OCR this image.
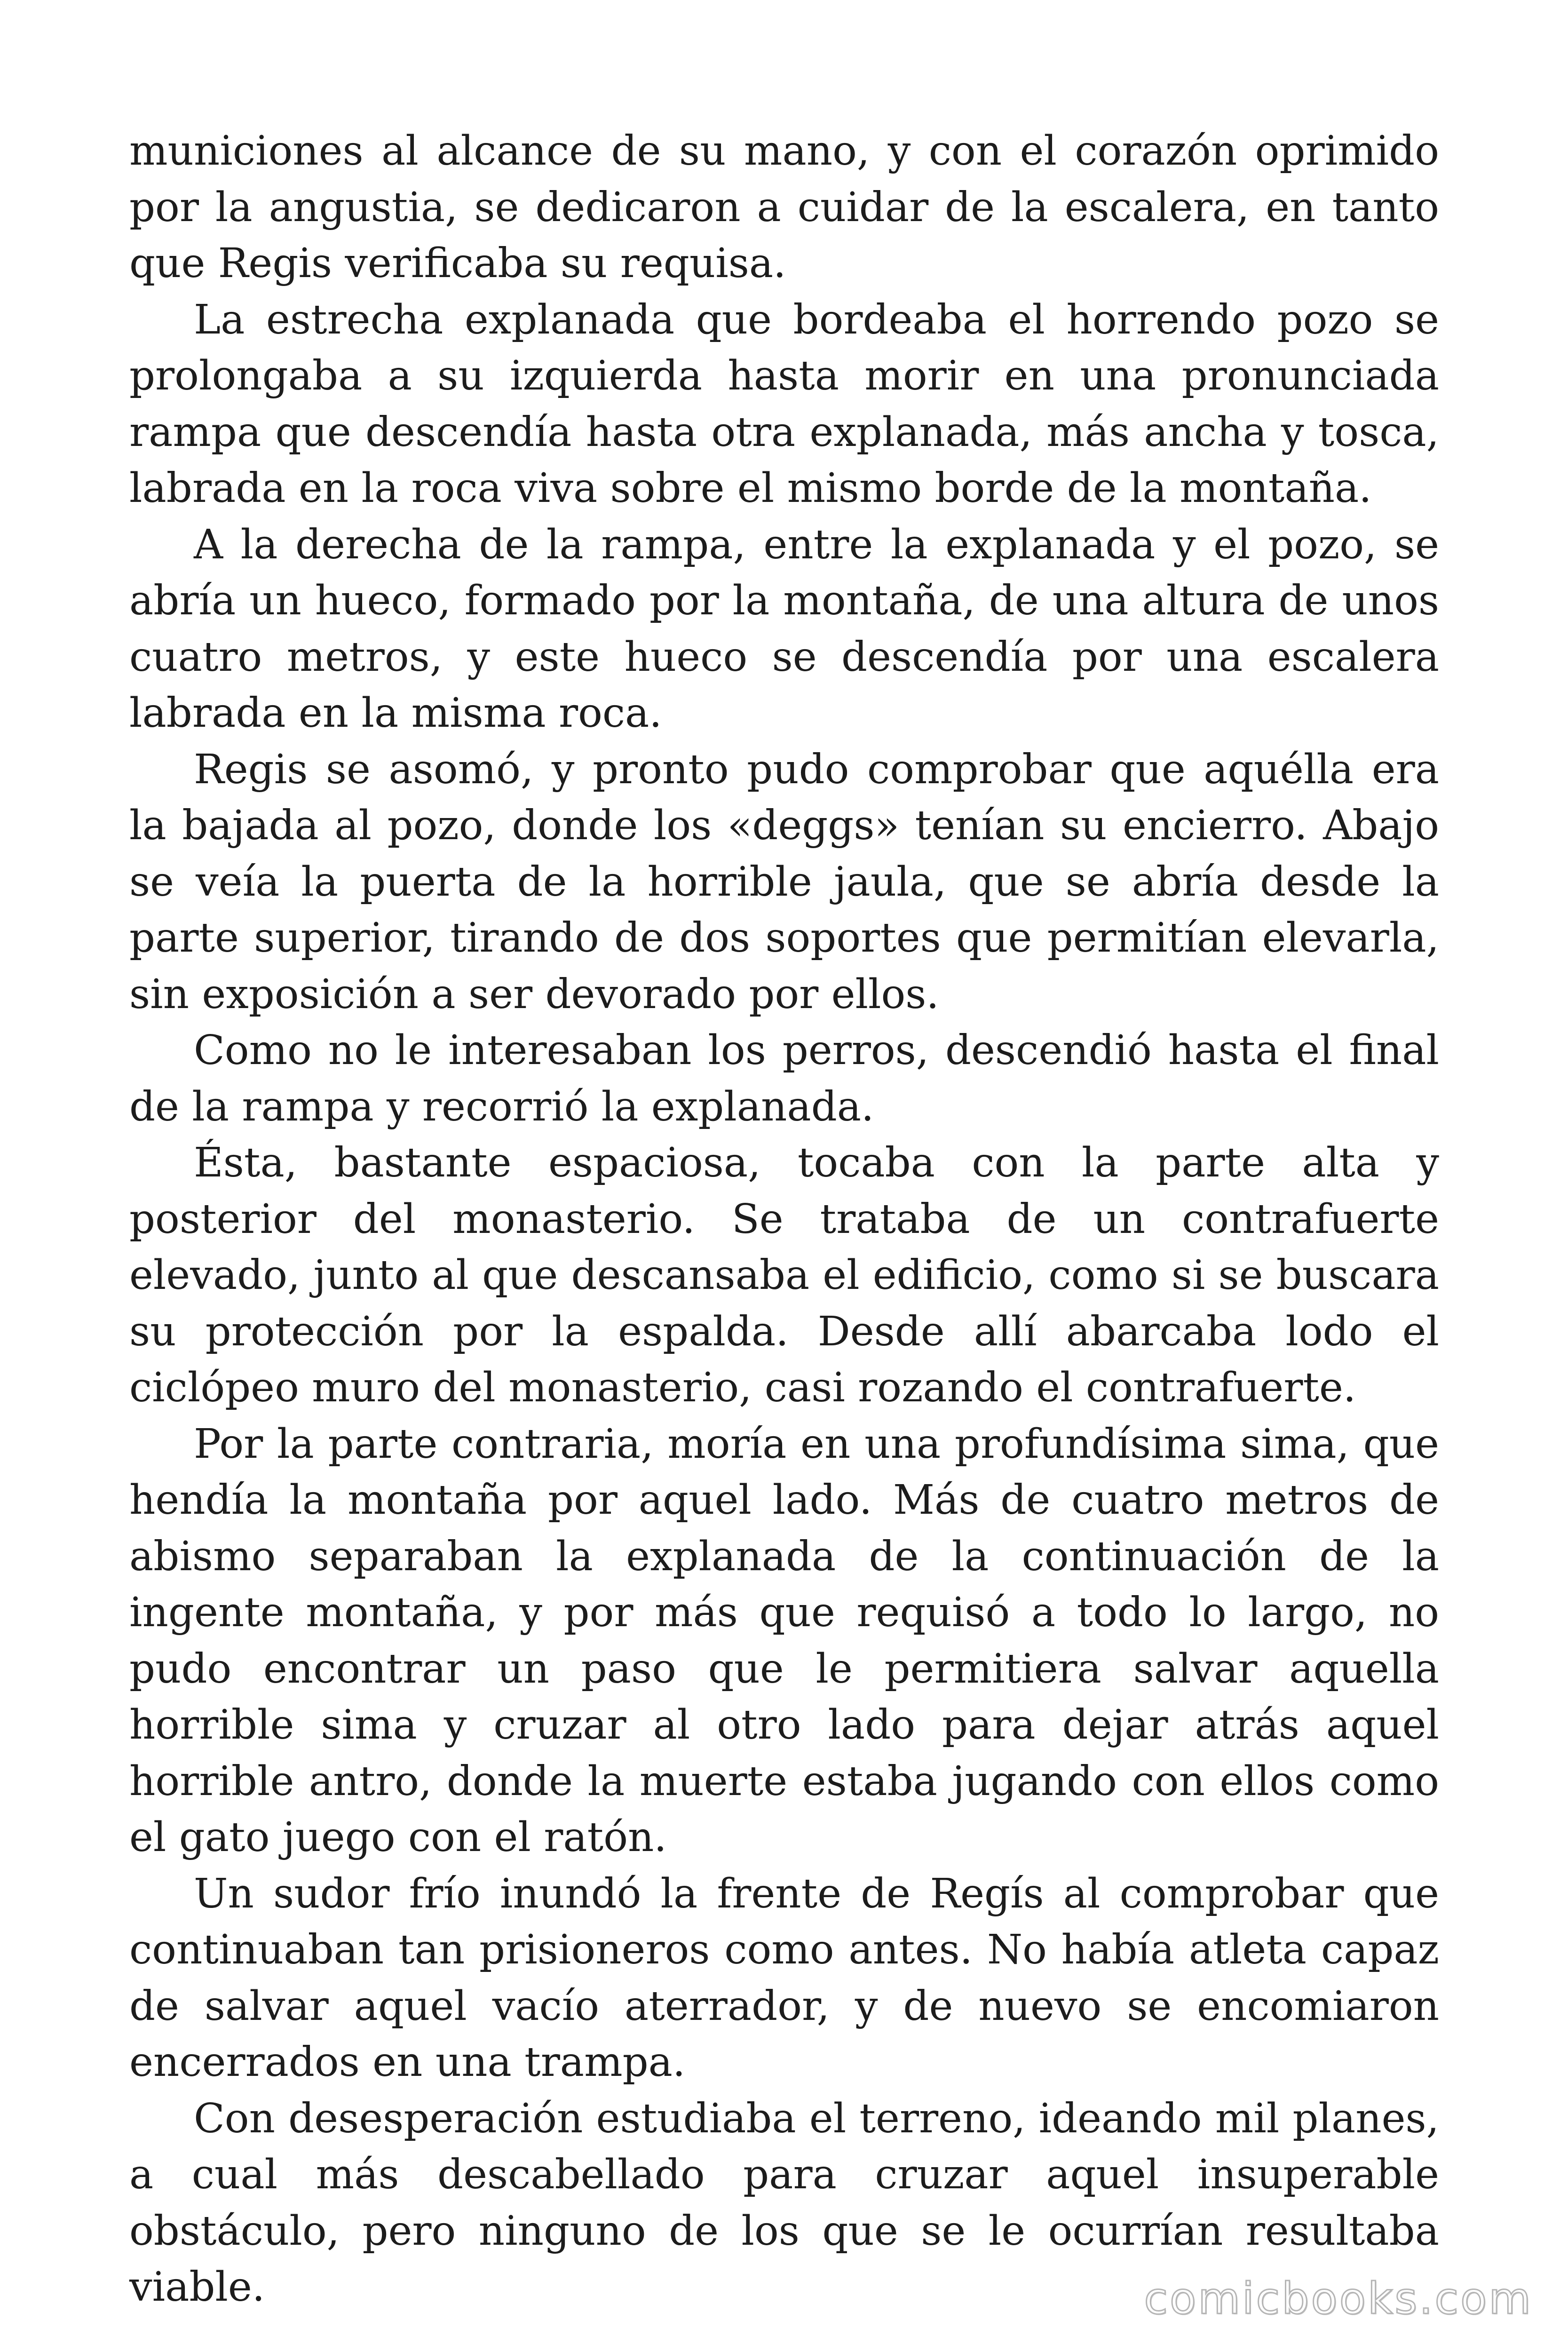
municiones al alcance de su mano, y con el corazón oprimido por la angustia, se dedicaron a cuidar de la escalera, en tanto que Regis verificaba su requisa.

La estrecha explanada que bordeaba el horrendo pozo se prolongaba a su izquierda hasta morir en una pronunciada rampa que descendía hasta otra explanada, más ancha y tosca, labrada en la roca viva sobre el mismo borde de la montaña.

A la derecha de la rampa, entre la explanada y el pozo, se abría un hueco, formado por la montaña, de una altura de unos cuatro metros, y este hueco se descendía por una escalera labrada en la misma roca.

Regis se asomó, y pronto pudo comprobar que aquélla era la bajada al pozo, donde los «deggs» tenían su encierro. Abajo se veía la puerta de la horrible jaula, que se abría desde la parte superior, tirando de dos soportes que permitían elevarla, sin exposición a ser devorado por ellos.

Como no le interesaban los perros, descendió hasta el final de la rampa y recorrió la explanada.

Ésta, bastante espaciosa, tocaba con la parte alta y posterior del monasterio. Se trataba de un contrafuerte elevado, junto al que descansaba el edificio, como si se buscara su protección por la espalda. Desde allí abarcaba lodo el ciclópeo muro del monasterio, casi rozando el contrafuerte.

Por la parte contraria, moría en una profundísima sima, que hendía la montaña por aquel lado. Más de cuatro metros de abismo separaban la explanada de la continuación de la ingente montaña, y por más que requisó a todo lo largo, no pudo encontrar un paso que le permitiera salvar aquella horrible sima y cruzar al otro lado para dejar atrás aquel horrible antro, donde la muerte estaba jugando con ellos como el gato juego con el ratón.

Un sudor frío inundó la frente de Regís al comprobar que continuaban tan prisioneros como antes. No había atleta capaz de salvar aquel vacío aterrador, y de nuevo se encomiaron encerrados en una trampa.

Con desesperación estudiaba el terreno, ideando mil planes, a cual más descabellado para cruzar aquel insuperable obstáculo, pero ninguno de los que se le ocurrían resultaba viable.	comicbooks.com
